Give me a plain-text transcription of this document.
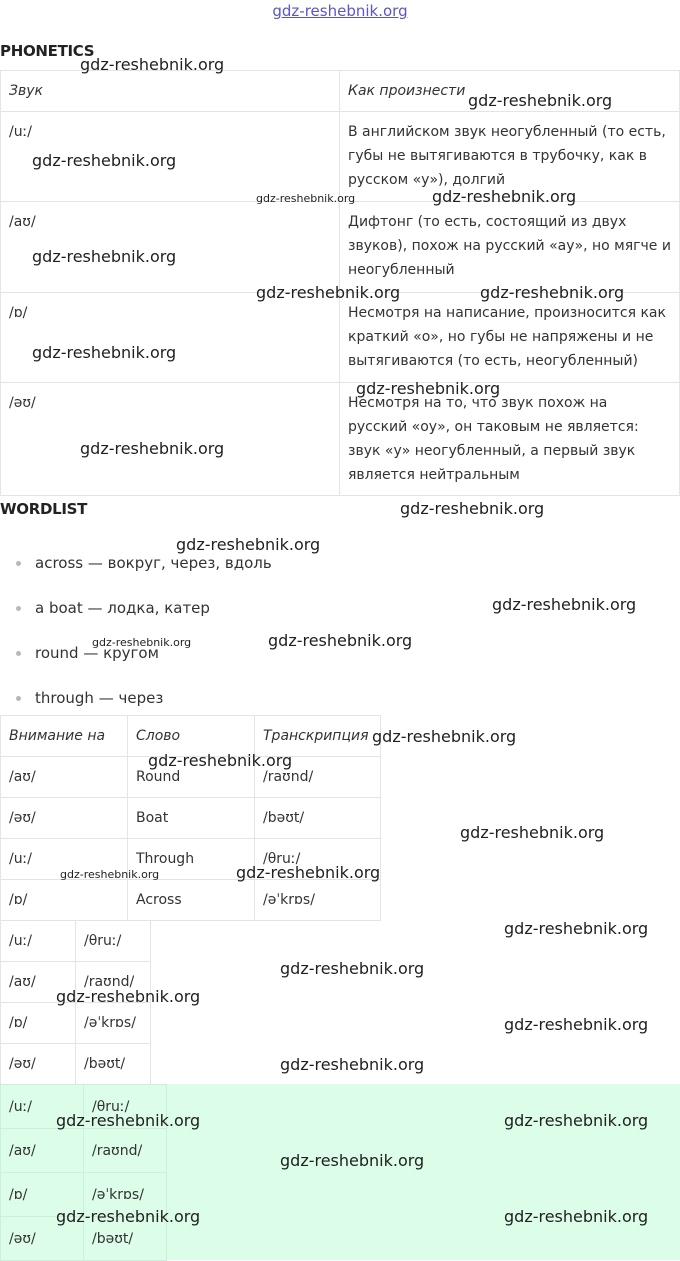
gdz-reshebnik.org
PHONETICS
Звук	Как произнести
/uː/	В английском звук неогубленный (то есть, губы не вытягиваются в трубочку, как в русском «у»), долгий
/aʊ/	Дифтонг (то есть, состоящий из двух звуков), похож на русский «ау», но мягче и неогубленный
/ɒ/	Несмотря на написание, произносится как краткий «о», но губы не напряжены и не вытягиваются (то есть, неогубленный)
/əʊ/	Несмотря на то, что звук похож на русский «оу», он таковым не является: звук «у» неогубленный, а первый звук является нейтральным
WORDLIST
across — вокруг, через, вдоль
a boat — лодка, катер
round — кругом
through — через
Внимание на	Слово	Транскрипция
/aʊ/	Round	/raʊnd/
/əʊ/	Boat	/bəʊt/
/uː/	Through	/θruː/
/ɒ/	Across	/əˈkrɒs/
/uː/	/θruː/
/aʊ/	/raʊnd/
/ɒ/	/əˈkrɒs/
/əʊ/	/bəʊt/
/uː/	/θruː/
/aʊ/	/raʊnd/
/ɒ/	/əˈkrɒs/
/əʊ/	/bəʊt/
gdz-reshebnik.org
gdz-reshebnik.org
gdz-reshebnik.org
gdz-reshebnik.org
gdz-reshebnik.org
gdz-reshebnik.org
gdz-reshebnik.org	gdz-reshebnik.org
gdz-reshebnik.org
gdz-reshebnik.org
gdz-reshebnik.org
gdz-reshebnik.org
gdz-reshebnik.org
gdz-reshebnik.org
gdz-reshebnik.org
gdz-reshebnik.org
gdz-reshebnik.org
gdz-reshebnik.org
gdz-reshebnik.org
gdz-reshebnik.org
gdz-reshebnik.org
gdz-reshebnik.org
gdz-reshebnik.org
gdz-reshebnik.org
gdz-reshebnik.org
gdz-reshebnik.org
gdz-reshebnik.org	gdz-reshebnik.org
gdz-reshebnik.org
gdz-reshebnik.org	gdz-reshebnik.org
